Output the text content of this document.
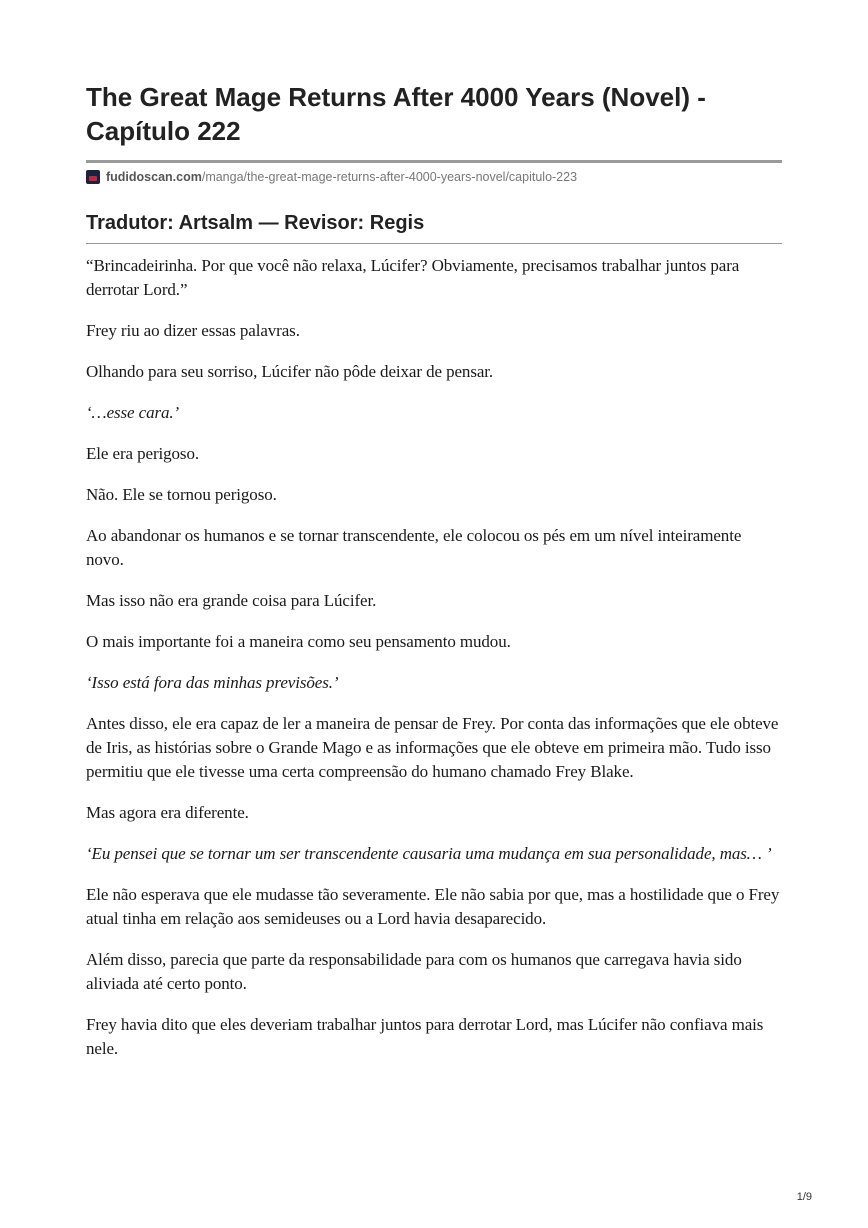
The Great Mage Returns After 4000 Years (Novel) - Capítulo 222
fudidoscan.com /manga/the-great-mage-returns-after-4000-years-novel/capitulo-223
Tradutor: Artsalm — Revisor: Regis

“Brincadeirinha. Por que você não relaxa, Lúcifer? Obviamente, precisamos trabalhar juntos para derrotar Lord.”

Frey riu ao dizer essas palavras.

Olhando para seu sorriso, Lúcifer não pôde deixar de pensar.

‘…esse cara.’

Ele era perigoso.

Não. Ele se tornou perigoso.

Ao abandonar os humanos e se tornar transcendente, ele colocou os pés em um nível inteiramente novo.

Mas isso não era grande coisa para Lúcifer.

O mais importante foi a maneira como seu pensamento mudou.

‘Isso está fora das minhas previsões.’

Antes disso, ele era capaz de ler a maneira de pensar de Frey. Por conta das informações que ele obteve de Iris, as histórias sobre o Grande Mago e as informações que ele obteve em primeira mão. Tudo isso permitiu que ele tivesse uma certa compreensão do humano chamado Frey Blake.

Mas agora era diferente.

‘Eu pensei que se tornar um ser transcendente causaria uma mudança em sua personalidade, mas… ’

Ele não esperava que ele mudasse tão severamente. Ele não sabia por que, mas a hostilidade que o Frey atual tinha em relação aos semideuses ou a Lord havia desaparecido.

Além disso, parecia que parte da responsabilidade para com os humanos que carregava havia sido aliviada até certo ponto.

Frey havia dito que eles deveriam trabalhar juntos para derrotar Lord, mas Lúcifer não confiava mais nele.

1/9
